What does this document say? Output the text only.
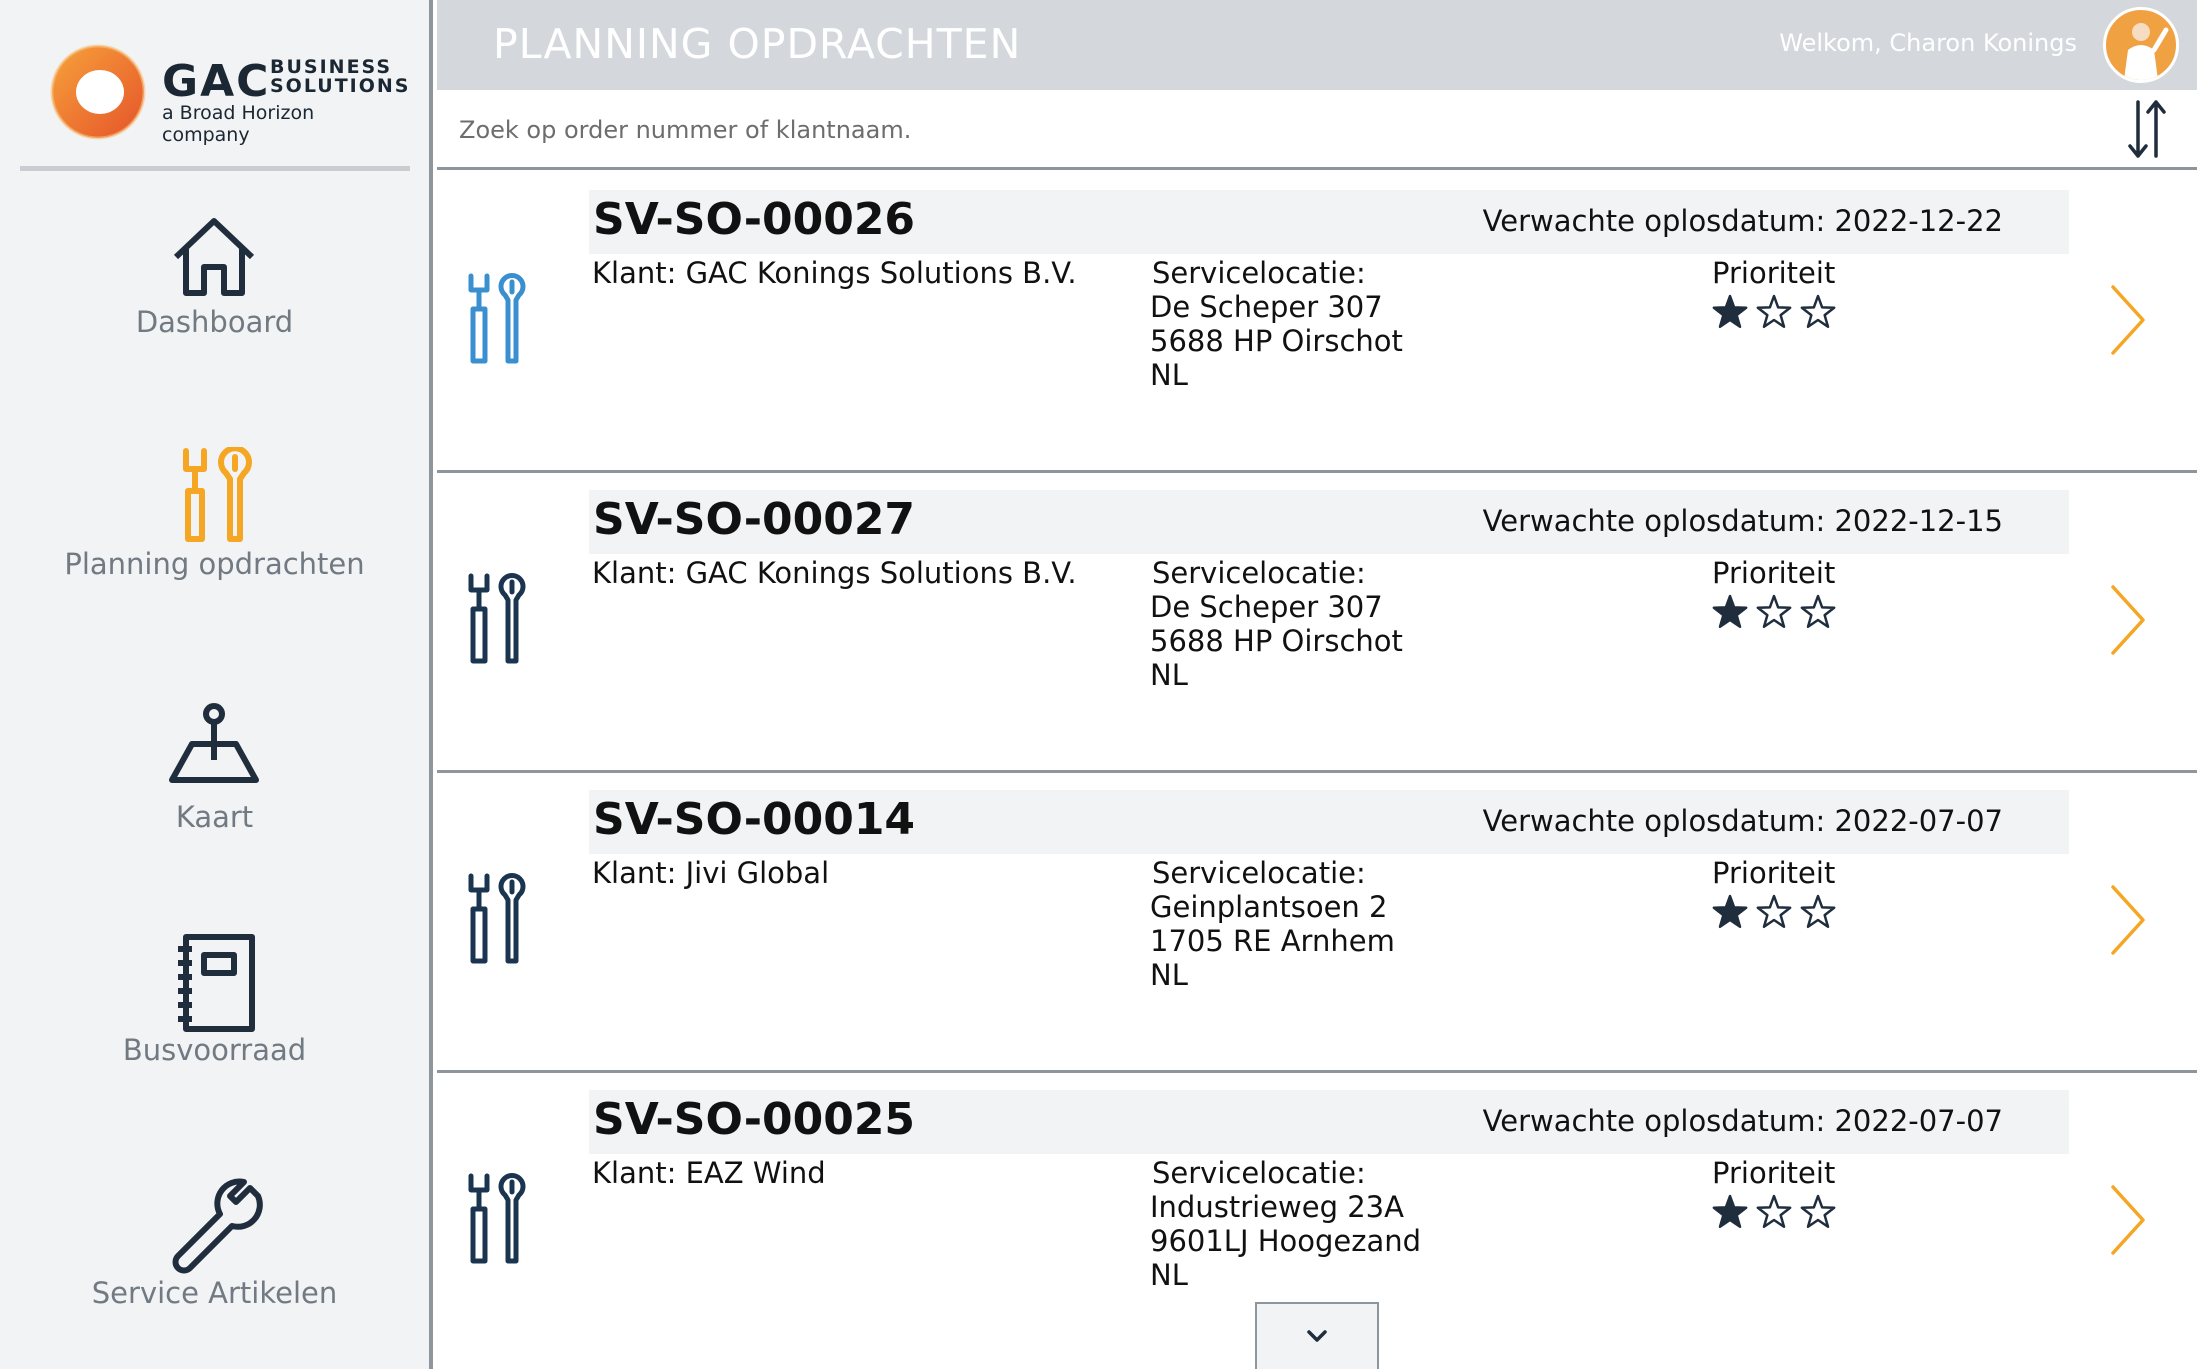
GAC BUSINESS
SOLUTIONS
a Broad Horizon company
Dashboard
Planning opdrachten
Kaart
Busvoorraad
Service Artikelen
PLANNING OPDRACHTEN	Welkom, Charon Konings
Zoek op order nummer of klantnaam.
SV-SO-00026	Verwachte oplosdatum: 2022-12-22
Klant: GAC Konings Solutions B.V.	Servicelocatie:
De Scheper 307
5688 HP Oirschot
NL
Prioriteit
SV-SO-00027	Verwachte oplosdatum: 2022-12-15
Klant: GAC Konings Solutions B.V.	Servicelocatie:
De Scheper 307
5688 HP Oirschot
NL
Prioriteit
SV-SO-00014	Verwachte oplosdatum: 2022-07-07
Klant: Jivi Global	Servicelocatie:
Geinplantsoen 2
1705 RE Arnhem
NL
Prioriteit
SV-SO-00025	Verwachte oplosdatum: 2022-07-07
Klant: EAZ Wind	Servicelocatie:
Industrieweg 23A
9601LJ Hoogezand
NL
Prioriteit
